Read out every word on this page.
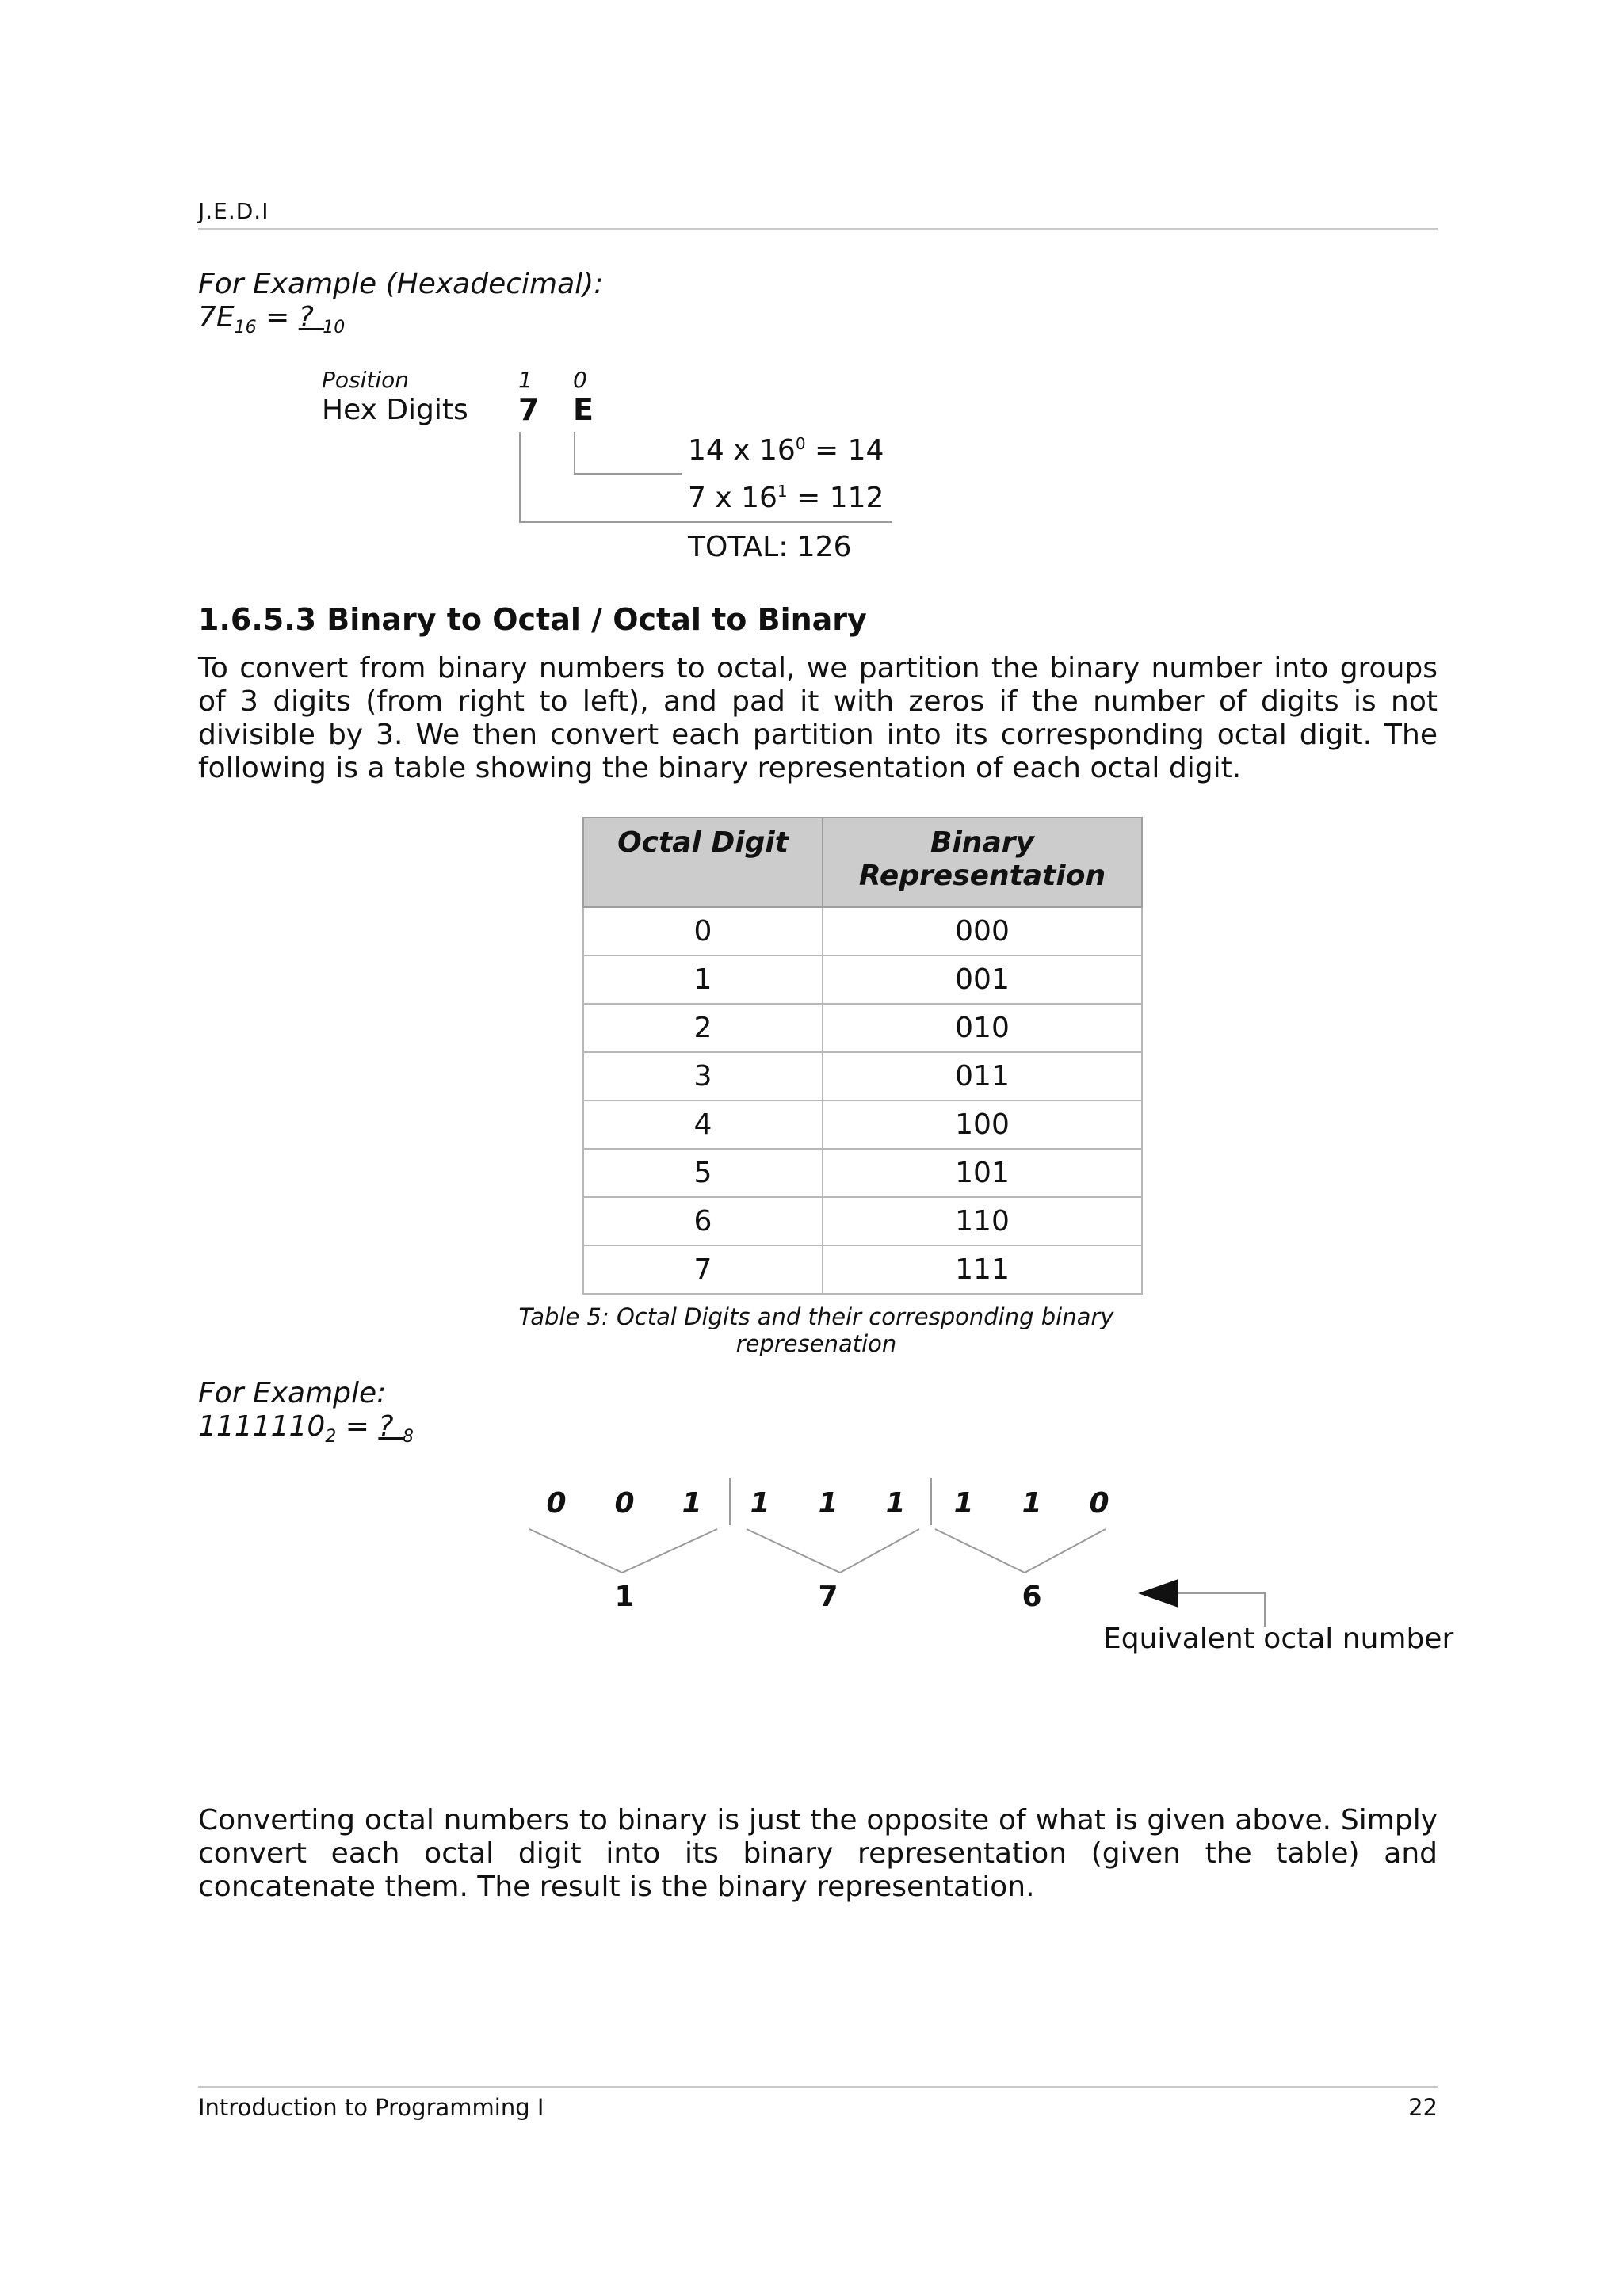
J.E.D.I
For Example (Hexadecimal):
$7E_{16}$ = ? $_{10}$
Position	1 0
Hex Digits 7 E
14 x $16^0 = 14$
7 x $16^1 = 112$
TOTAL: 126
1.6.5.3 Binary to Octal / Octal to Binary
To convert from binary numbers to octal, we partition the binary number into groups of 3 digits (from right to left), and pad it with zeros if the number of digits is not divisible by 3. We then convert each partition into its corresponding octal digit. The following is a table showing the binary representation of each octal digit.
Octal Digit	Binary Representation
0	000
1	001
2	010
3	011
4	100
5	101
6	110
7	111
Table 5: Octal Digits and their corresponding binary represenation
For Example:
$1111110_2$ = ? $_8$
0 0 1 1 1 1 1 1 0
1	7	6
Equivalent octal number
Converting octal numbers to binary is just the opposite of what is given above. Simply convert each octal digit into its binary representation (given the table) and concatenate them. The result is the binary representation.
Introduction to Programming I	22
